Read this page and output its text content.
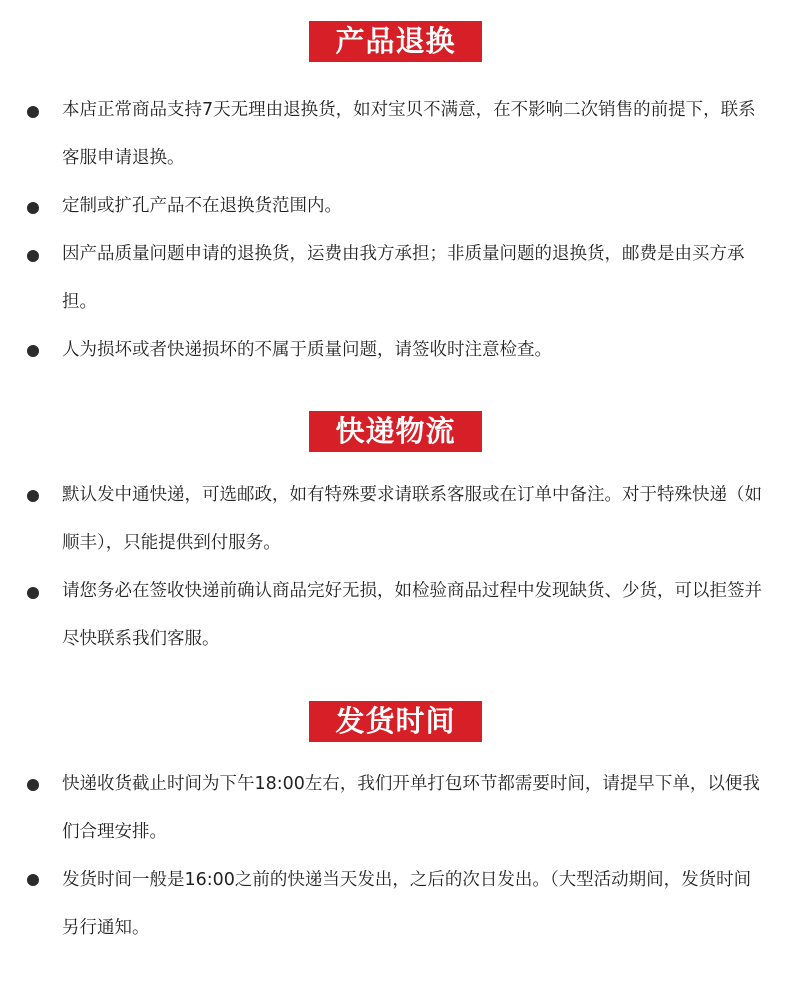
产品退换
本店正常商品支持7天无理由退换货，如对宝贝不满意，在不影响二次销售的前提下，联系客服申请退换。
定制或扩孔产品不在退换货范围内。
因产品质量问题申请的退换货，运费由我方承担；非质量问题的退换货，邮费是由买方承担。
人为损坏或者快递损坏的不属于质量问题，请签收时注意检查。
快递物流
默认发中通快递，可选邮政，如有特殊要求请联系客服或在订单中备注。对于特殊快递（如顺丰），只能提供到付服务。
请您务必在签收快递前确认商品完好无损，如检验商品过程中发现缺货、少货，可以拒签并尽快联系我们客服。
发货时间
快递收货截止时间为下午18:00左右，我们开单打包环节都需要时间，请提早下单，以便我们合理安排。
发货时间一般是16:00之前的快递当天发出，之后的次日发出。（大型活动期间，发货时间另行通知。
